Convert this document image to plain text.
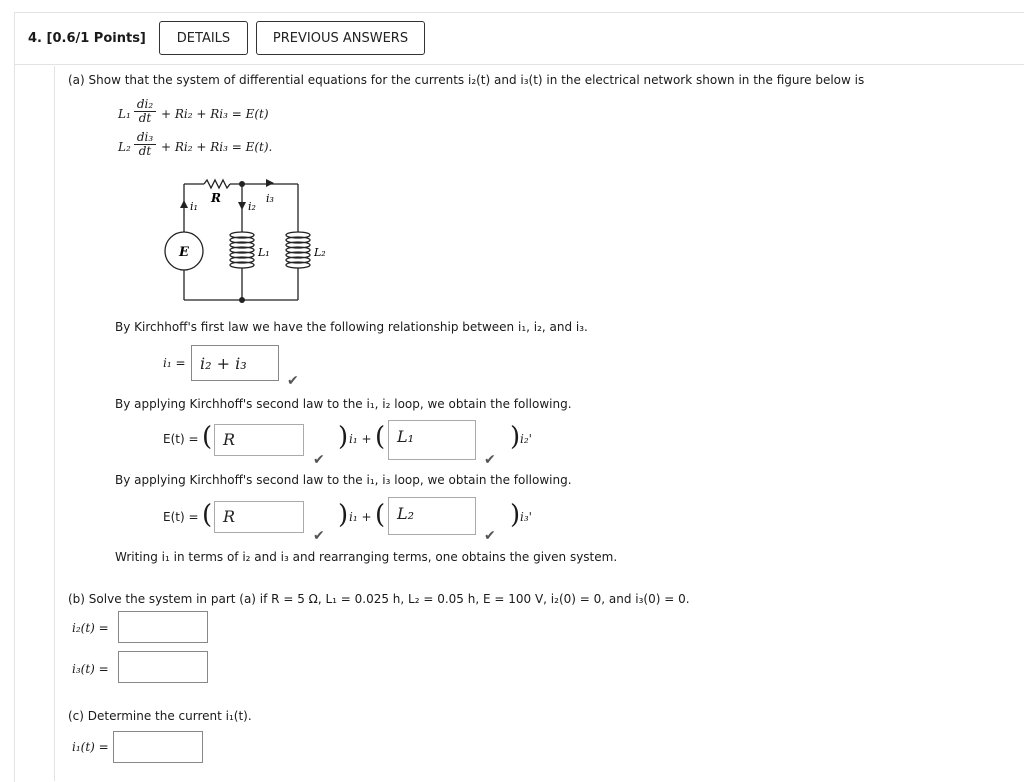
4. [0.6/1 Points]	DETAILS	PREVIOUS ANSWERS
(a) Show that the system of differential equations for the currents i₂(t) and i₃(t) in the electrical network shown in the figure below is
$L_1 \frac{\text{di₂}}{dt} + Ri_2 + Ri_3 = E(t)$
$L_2 \frac{\text{di₃}}{dt} + Ri_2 + Ri_3 = E(t)$.
E
R
i₁	i₂
i₃
L₁	L₂
By Kirchhoff's first law we have the following relationship between i₁, i₂, and i₃.
i₁ = i₂ + i₃
✔
By applying Kirchhoff's second law to the i₁, i₂ loop, we obtain the following.
E(t) = ( R
✔
) i₁ + ( L₁
✔
) i₂'
By applying Kirchhoff's second law to the i₁, i₃ loop, we obtain the following.
E(t) = ( R
✔
) i₁ + ( L₂
✔
) i₃'
Writing i₁ in terms of i₂ and i₃ and rearranging terms, one obtains the given system.
(b) Solve the system in part (a) if R = 5 Ω, L₁ = 0.025 h, L₂ = 0.05 h, E = 100 V, i₂(0) = 0, and i₃(0) = 0.
i₂(t) =
i₃(t) =
(c) Determine the current i₁(t).
i₁(t) =
